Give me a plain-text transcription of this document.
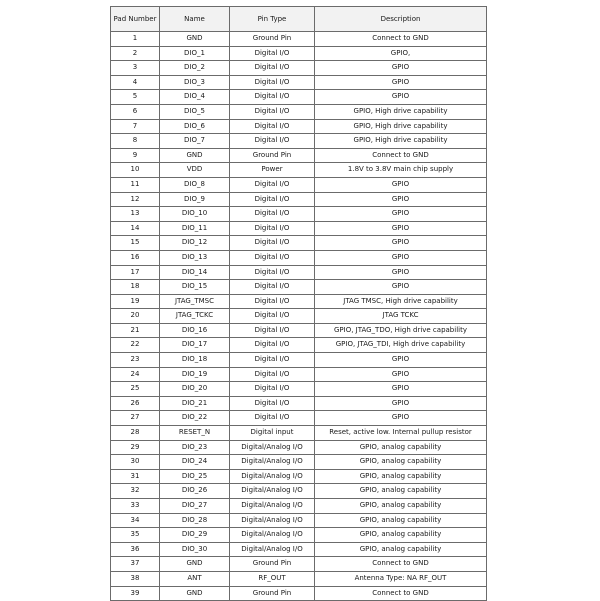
Pad Number	Name	Pin Type	Description
1	GND	Ground Pin	Connect to GND
2	DIO_1	Digital I/O	GPIO,
3	DIO_2	Digital I/O	GPIO
4	DIO_3	Digital I/O	GPIO
5	DIO_4	Digital I/O	GPIO
6	DIO_5	Digital I/O	GPIO, High drive capability
7	DIO_6	Digital I/O	GPIO, High drive capability
8	DIO_7	Digital I/O	GPIO, High drive capability
9	GND	Ground Pin	Connect to GND
10	VDD	Power	1.8V to 3.8V main chip supply
11	DIO_8	Digital I/O	GPIO
12	DIO_9	Digital I/O	GPIO
13	DIO_10	Digital I/O	GPIO
14	DIO_11	Digital I/O	GPIO
15	DIO_12	Digital I/O	GPIO
16	DIO_13	Digital I/O	GPIO
17	DIO_14	Digital I/O	GPIO
18	DIO_15	Digital I/O	GPIO
19	JTAG_TMSC	Digital I/O	JTAG TMSC, High drive capability
20	JTAG_TCKC	Digital I/O	JTAG TCKC
21	DIO_16	Digital I/O	GPIO, JTAG_TDO, High drive capability
22	DIO_17	Digital I/O	GPIO, JTAG_TDI, High drive capability
23	DIO_18	Digital I/O	GPIO
24	DIO_19	Digital I/O	GPIO
25	DIO_20	Digital I/O	GPIO
26	DIO_21	Digital I/O	GPIO
27	DIO_22	Digital I/O	GPIO
28	RESET_N	Digital input	Reset, active low. Internal pullup resistor
29	DIO_23	Digital/Analog I/O	GPIO, analog capability
30	DIO_24	Digital/Analog I/O	GPIO, analog capability
31	DIO_25	Digital/Analog I/O	GPIO, analog capability
32	DIO_26	Digital/Analog I/O	GPIO, analog capability
33	DIO_27	Digital/Analog I/O	GPIO, analog capability
34	DIO_28	Digital/Analog I/O	GPIO, analog capability
35	DIO_29	Digital/Analog I/O	GPIO, analog capability
36	DIO_30	Digital/Analog I/O	GPIO, analog capability
37	GND	Ground Pin	Connect to GND
38	ANT	RF_OUT	Antenna Type: NA RF_OUT
39	GND	Ground Pin	Connect to GND
